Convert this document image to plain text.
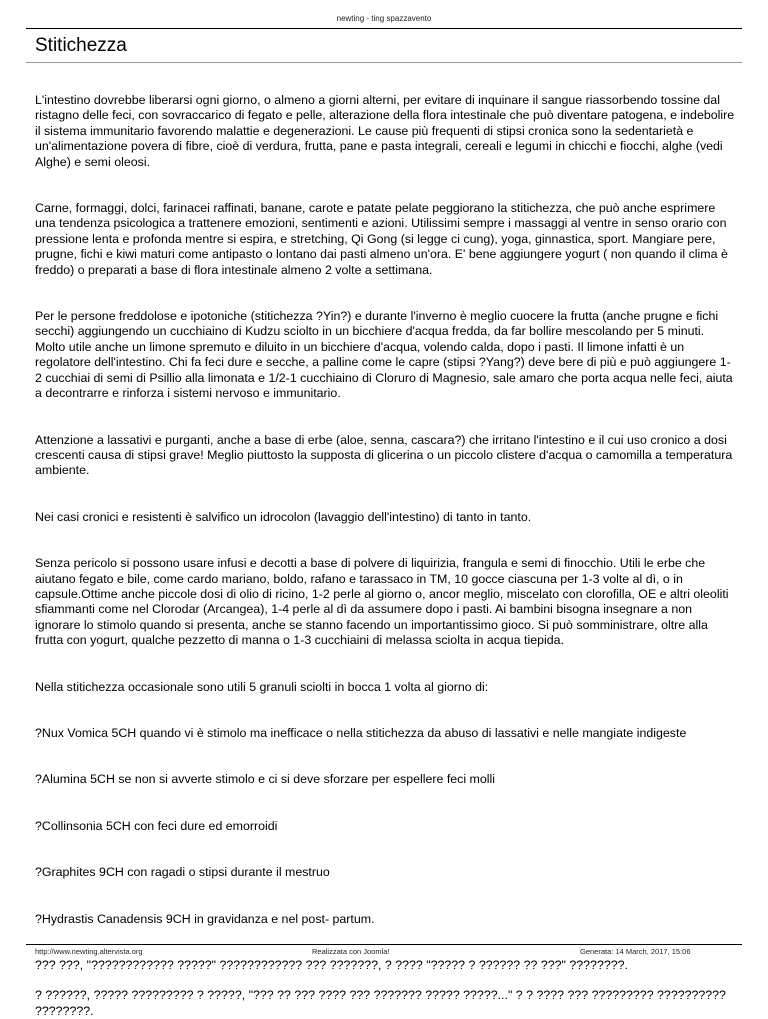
newting - ting spazzavento
Stitichezza

L'intestino dovrebbe liberarsi ogni giorno, o almeno a giorni alterni, per evitare di inquinare il sangue riassorbendo tossine dal ristagno delle feci, con sovraccarico di fegato e pelle, alterazione della flora intestinale che può diventare patogena, e indebolire il sistema immunitario favorendo malattie e degenerazioni. Le cause più frequenti di stipsi cronica sono la sedentarietà e un'alimentazione povera di fibre, cioè di verdura, frutta, pane e pasta integrali, cereali e legumi in chicchi e fiocchi, alghe (vedi Alghe) e semi oleosi.

Carne, formaggi, dolci, farinacei raffinati, banane, carote e patate pelate peggiorano la stitichezza, che può anche esprimere una tendenza psicologica a trattenere emozioni, sentimenti e azioni. Utilissimi sempre i massaggi al ventre in senso orario con pressione lenta e profonda mentre si espira, e stretching, Qi Gong (si legge ci cung), yoga, ginnastica, sport. Mangiare pere, prugne, fichi e kiwi maturi come antipasto o lontano dai pasti almeno un'ora. E' bene aggiungere yogurt ( non quando il clima è freddo) o preparati a base di flora intestinale almeno 2 volte a settimana.

Per le persone freddolose e ipotoniche (stitichezza ?Yin?) e durante l'inverno è meglio cuocere la frutta (anche prugne e fichi secchi) aggiungendo un cucchiaino di Kudzu sciolto in un bicchiere d'acqua fredda, da far bollire mescolando per 5 minuti. Molto utile anche un limone spremuto e diluito in un bicchiere d'acqua, volendo calda, dopo i pasti. Il limone infatti è un regolatore dell'intestino. Chi fa feci dure e secche, a palline come le capre (stipsi ?Yang?) deve bere di più e può aggiungere 1-2 cucchiai di semi di Psillio alla limonata e 1/2-1 cucchiaino di Cloruro di Magnesio, sale amaro che porta acqua nelle feci, aiuta a decontrarre e rinforza i sistemi nervoso e immunitario.

Attenzione a lassativi e purganti, anche a base di erbe (aloe, senna, cascara?) che irritano l'intestino e il cui uso cronico a dosi crescenti causa di stipsi grave! Meglio piuttosto la supposta di glicerina o un piccolo clistere d'acqua o camomilla a temperatura ambiente.

Nei casi cronici e resistenti è salvifico un idrocolon (lavaggio dell'intestino) di tanto in tanto.

Senza pericolo si possono usare infusi e decotti a base di polvere di liquirizia, frangula e semi di finocchio. Utili le erbe che aiutano fegato e bile, come cardo mariano, boldo, rafano e tarassaco in TM, 10 gocce ciascuna per 1-3 volte al dì, o in capsule.Ottime anche piccole dosi di olio di ricino, 1-2 perle al giorno o, ancor meglio, miscelato con clorofilla, OE e altri oleoliti sfiammanti come nel Clorodar (Arcangea), 1-4 perle al dì da assumere dopo i pasti. Ai bambini bisogna insegnare a non ignorare lo stimolo quando si presenta, anche se stanno facendo un importantissimo gioco. Si può somministrare, oltre alla frutta con yogurt, qualche pezzetto di manna o 1-3 cucchiaini di melassa sciolta in acqua tiepida.

Nella stitichezza occasionale sono utili 5 granuli sciolti in bocca 1 volta al giorno di:

?Nux Vomica 5CH quando vi è stimolo ma inefficace o nella stitichezza da abuso di lassativi e nelle mangiate indigeste

?Alumina 5CH se non si avverte stimolo e ci si deve sforzare per espellere feci molli

?Collinsonia 5CH con feci dure ed emorroidi

?Graphites 9CH con ragadi o stipsi durante il mestruo

?Hydrastis Canadensis 9CH in gravidanza e nel post- partum.

??? ???, "???????????? ?????" ???????????? ??? ???????, ? ???? "????? ? ?????? ?? ???" ????????.

? ??????, ????? ????????? ? ?????, "??? ?? ??? ???? ??? ??????? ????? ?????..." ? ? ???? ??? ????????? ?????????? ????????.

http://www.newting.altervista.org	Realizzata con Joomla!	Generata: 14 March, 2017, 15:06
